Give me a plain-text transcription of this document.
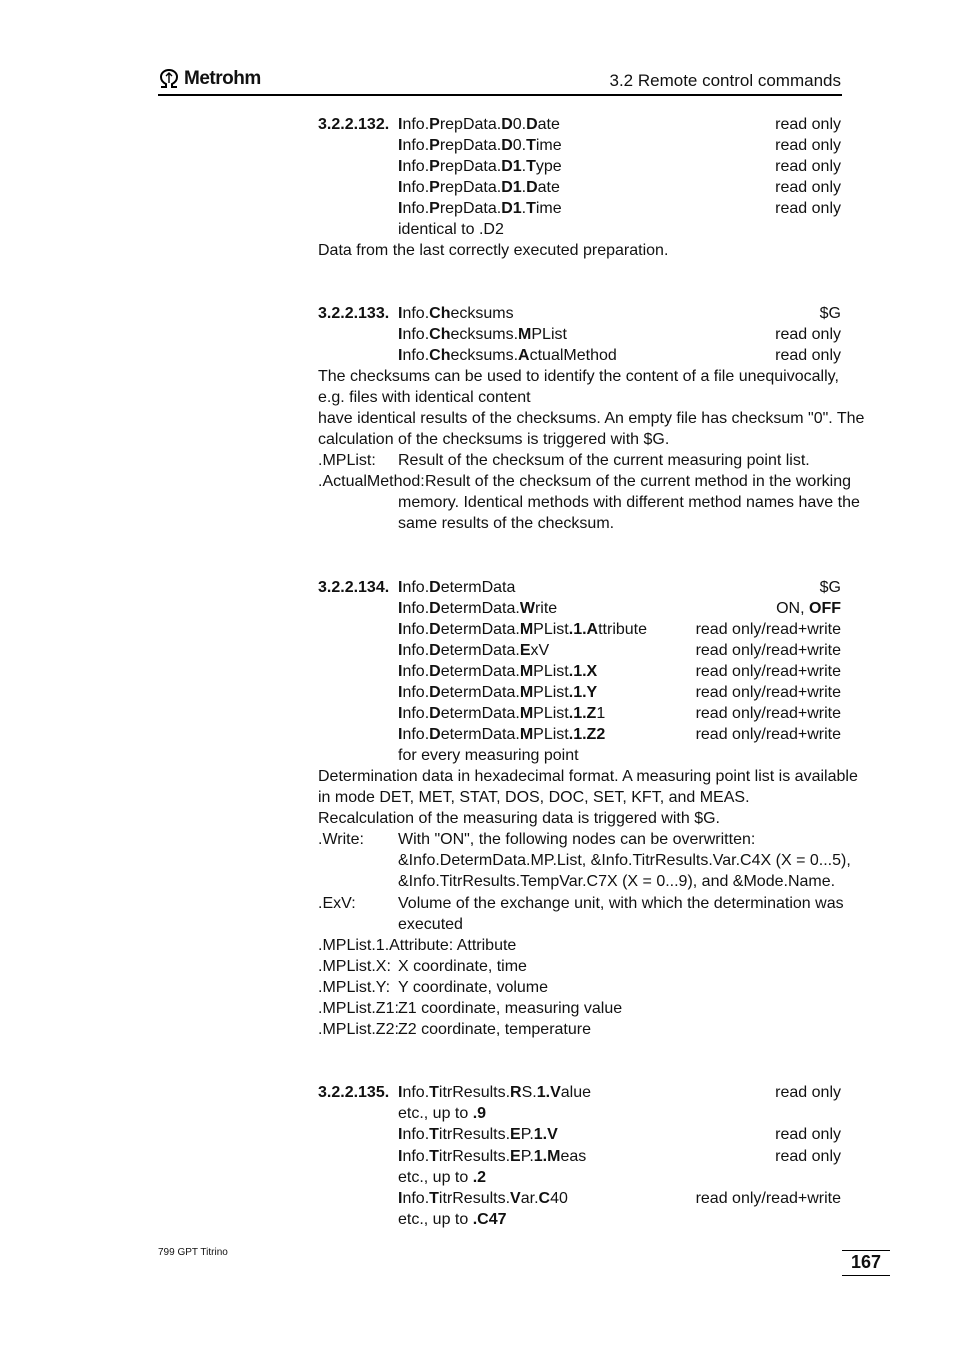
Metrohm	3.2 Remote control commands
3.2.2.132. Info.PrepData.D0.Date	read only
Info.PrepData.D0.Time	read only
Info.PrepData.D1.Type	read only
Info.PrepData.D1.Date	read only
Info.PrepData.D1.Time	read only
identical to .D2
Data from the last correctly executed preparation.
3.2.2.133. Info.Checksums	$G
Info.Checksums.MPList	read only
Info.Checksums.ActualMethod	read only
The checksums can be used to identify the content of a file unequivocally,
e.g. files with identical content
have identical results of the checksums. An empty file has checksum "0". The
calculation of the checksums is triggered with $G.
.MPList: Result of the checksum of the current measuring point list.
.ActualMethod: Result of the checksum of the current method in the working
memory. Identical methods with different method names have the
same results of the checksum.
3.2.2.134. Info.DetermData	$G
Info.DetermData.Write	ON, OFF
Info.DetermData.MPList.1.Attribute	read only/read+write
Info.DetermData.ExV	read only/read+write
Info.DetermData.MPList.1.X	read only/read+write
Info.DetermData.MPList.1.Y	read only/read+write
Info.DetermData.MPList.1.Z1	read only/read+write
Info.DetermData.MPList.1.Z2	read only/read+write
for every measuring point
Determination data in hexadecimal format. A measuring point list is available
in mode DET, MET, STAT, DOS, DOC, SET, KFT, and MEAS.
Recalculation of the measuring data is triggered with $G.
.Write: With "ON", the following nodes can be overwritten:
&Info.DetermData.MP.List, &Info.TitrResults.Var.C4X (X = 0...5),
&Info.TitrResults.TempVar.C7X (X = 0...9), and &Mode.Name.
.ExV:	Volume of the exchange unit, with which the determination was
executed
.MPList.1.Attribute: Attribute
.MPList.X: X coordinate, time
.MPList.Y: Y coordinate, volume
.MPList.Z1: Z1 coordinate, measuring value
.MPList.Z2: Z2 coordinate, temperature
3.2.2.135. Info.TitrResults.RS.1.Value	read only
etc., up to .9
Info.TitrResults.EP.1.V	read only
Info.TitrResults.EP.1.Meas	read only
etc., up to .2
Info.TitrResults.Var.C40	read only/read+write
etc., up to .C47
799 GPT Titrino	167
